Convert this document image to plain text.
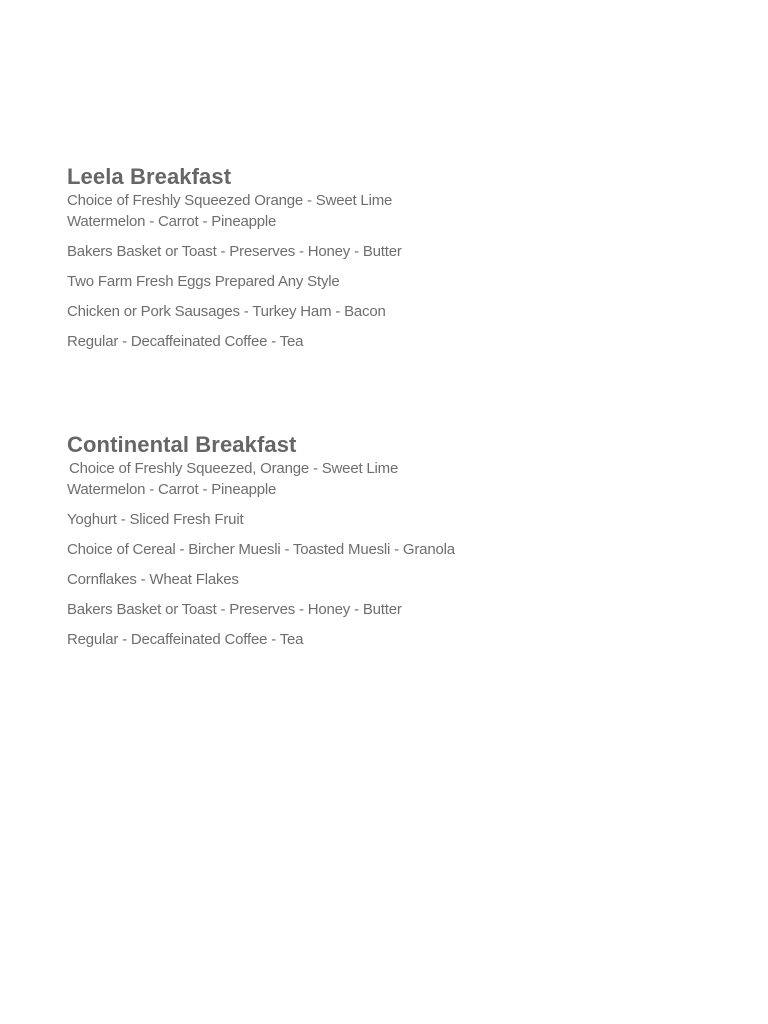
Leela Breakfast

Choice of Freshly Squeezed Orange - Sweet Lime

Watermelon - Carrot - Pineapple

Bakers Basket or Toast - Preserves - Honey - Butter

Two Farm Fresh Eggs Prepared Any Style

Chicken or Pork Sausages - Turkey Ham - Bacon

Regular - Decaffeinated Coffee - Tea

Continental Breakfast

Choice of Freshly Squeezed, Orange - Sweet Lime

Watermelon - Carrot - Pineapple

Yoghurt - Sliced Fresh Fruit

Choice of Cereal - Bircher Muesli - Toasted Muesli - Granola

Cornflakes - Wheat Flakes

Bakers Basket or Toast - Preserves - Honey - Butter

Regular - Decaffeinated Coffee - Tea
